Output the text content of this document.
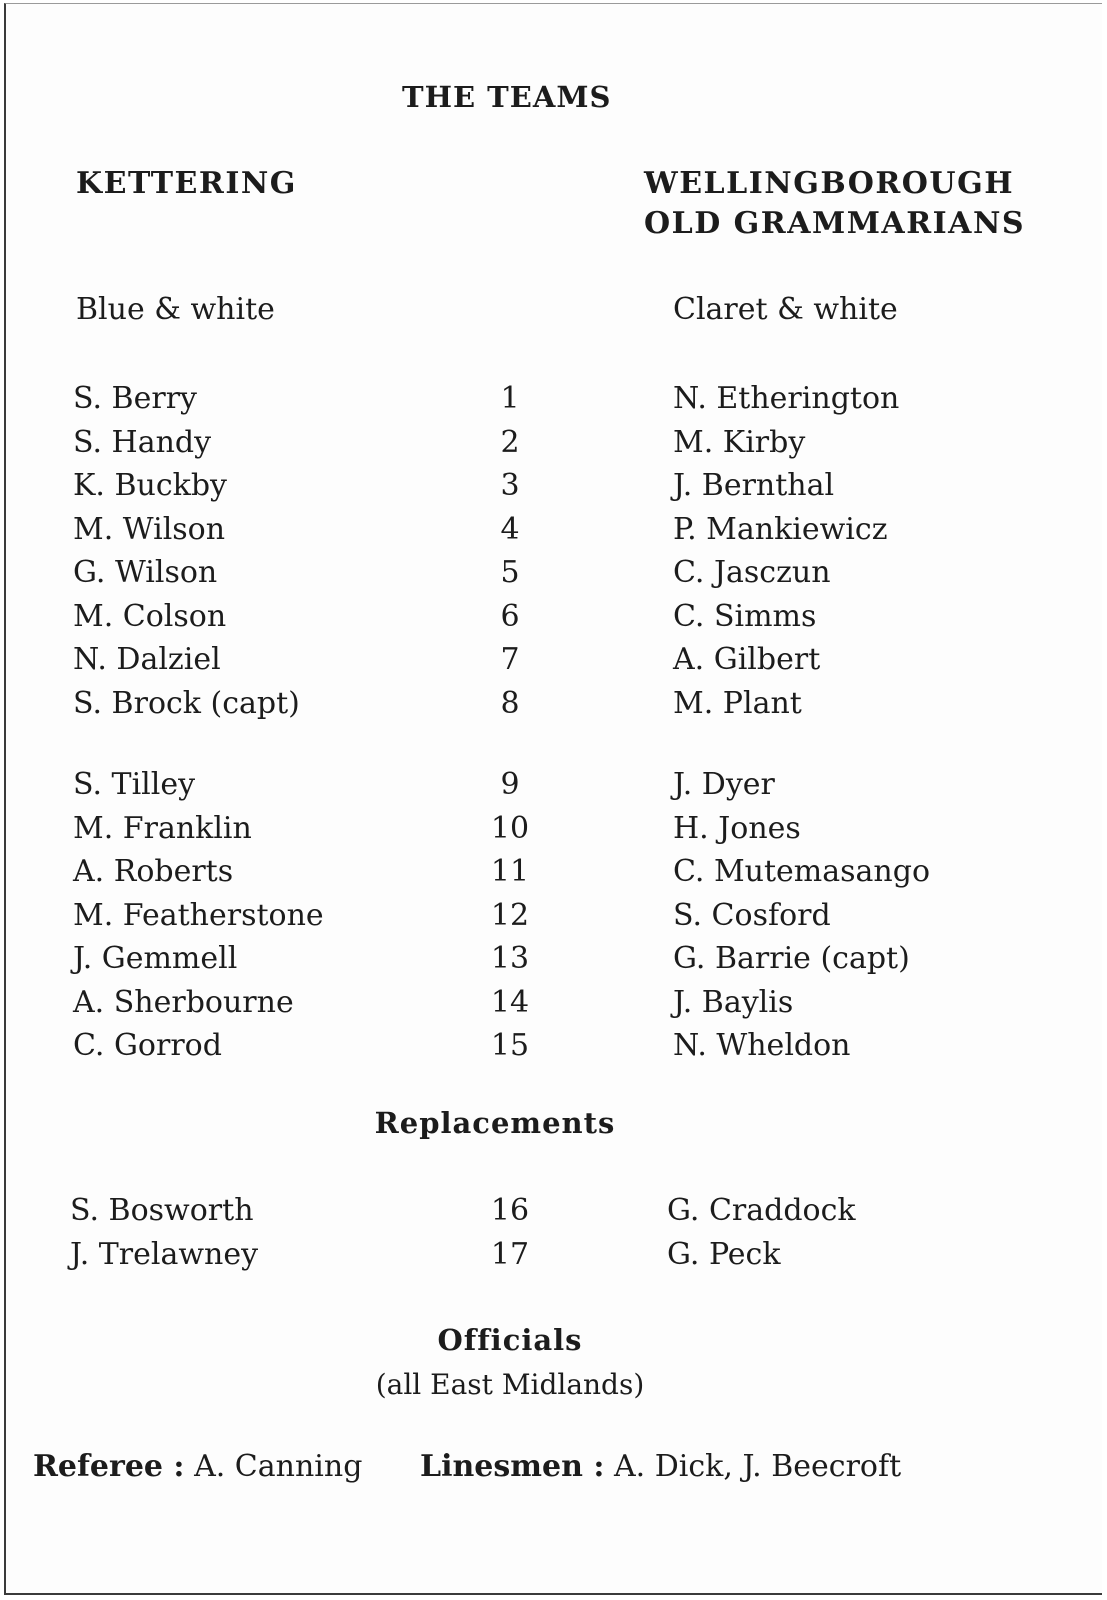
THE TEAMS
KETTERING	WELLINGBOROUGH
OLD GRAMMARIANS
Blue & white	Claret & white
S. Berry
S. Handy
K. Buckby
M. Wilson
G. Wilson
M. Colson
N. Dalziel
S. Brock (capt)
1
2
3
4
5
6
7
8
N. Etherington
M. Kirby
J. Bernthal
P. Mankiewicz
C. Jasczun
C. Simms
A. Gilbert
M. Plant
S. Tilley
M. Franklin
A. Roberts
M. Featherstone
J. Gemmell
A. Sherbourne
C. Gorrod
9
10
11
12
13
14
15
J. Dyer
H. Jones
C. Mutemasango
S. Cosford
G. Barrie (capt)
J. Baylis
N. Wheldon
Replacements
S. Bosworth
J. Trelawney
16
17
G. Craddock
G. Peck
Officials
(all East Midlands)
Referee : A. Canning Linesmen : A. Dick, J. Beecroft
